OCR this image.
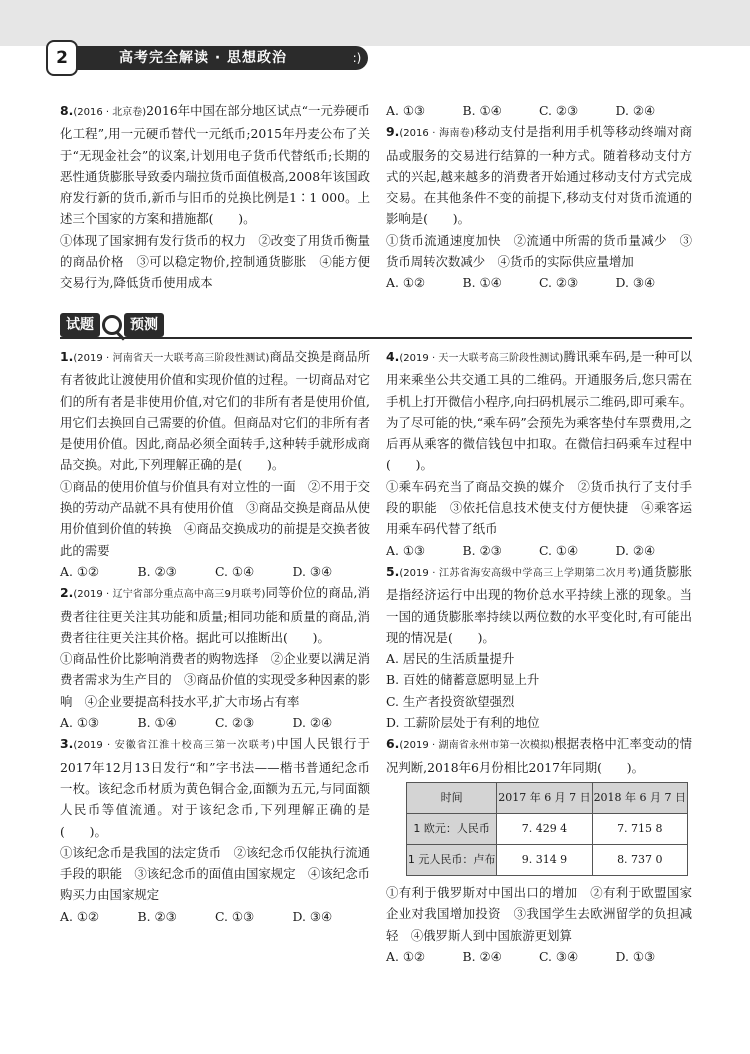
高考完全解读 · 思想政治
2	:)

8.(2016 · 北京卷)2016年中国在部分地区试点“一元券硬币化工程”,用一元硬币替代一元纸币;2015年丹麦公布了关于“无现金社会”的议案,计划用电子货币代替纸币;长期的恶性通货膨胀导致委内瑞拉货币面值极高,2008年该国政府发行新的货币,新币与旧币的兑换比例是1∶1 000。上述三个国家的方案和措施都(　　)。

①体现了国家拥有发行货币的权力　②改变了用货币衡量的商品价格　③可以稳定物价,控制通货膨胀　④能方便交易行为,降低货币使用成本

A. ①③	B. ①④	C. ②③	D. ②④

9.(2016 · 海南卷)移动支付是指利用手机等移动终端对商品或服务的交易进行结算的一种方式。随着移动支付方式的兴起,越来越多的消费者开始通过移动支付方式完成交易。在其他条件不变的前提下,移动支付对货币流通的影响是(　　)。

①货币流通速度加快　②流通中所需的货币量减少　③货币周转次数减少　④货币的实际供应量增加

A. ①②	B. ①④	C. ②③	D. ③④
试题	预测

1.(2019 · 河南省天一大联考高三阶段性测试)商品交换是商品所有者彼此让渡使用价值和实现价值的过程。一切商品对它们的所有者是非使用价值,对它们的非所有者是使用价值,用它们去换回自己需要的价值。但商品对它们的非所有者是使用价值。因此,商品必须全面转手,这种转手就形成商品交换。对此,下列理解正确的是(　　)。

①商品的使用价值与价值具有对立性的一面　②不用于交换的劳动产品就不具有使用价值　③商品交换是商品从使用价值到价值的转换　④商品交换成功的前提是交换者彼此的需要

A. ①②	B. ②③	C. ①④	D. ③④

2.(2019 · 辽宁省部分重点高中高三9月联考)同等价位的商品,消费者往往更关注其功能和质量;相同功能和质量的商品,消费者往往更关注其价格。据此可以推断出(　　)。

①商品性价比影响消费者的购物选择　②企业要以满足消费者需求为生产目的　③商品价值的实现受多种因素的影响　④企业要提高科技水平,扩大市场占有率

A. ①③	B. ①④	C. ②③	D. ②④

3.(2019 · 安徽省江淮十校高三第一次联考)中国人民银行于2017年12月13日发行“和”字书法——楷书普通纪念币一枚。该纪念币材质为黄色铜合金,面额为五元,与同面额人民币等值流通。对于该纪念币,下列理解正确的是(　　)。

①该纪念币是我国的法定货币　②该纪念币仅能执行流通手段的职能　③该纪念币的面值由国家规定　④该纪念币购买力由国家规定

A. ①②	B. ②③	C. ①③	D. ③④

4.(2019 · 天一大联考高三阶段性测试)腾讯乘车码,是一种可以用来乘坐公共交通工具的二维码。开通服务后,您只需在手机上打开微信小程序,向扫码机展示二维码,即可乘车。为了尽可能的快,“乘车码”会预先为乘客垫付车票费用,之后再从乘客的微信钱包中扣取。在微信扫码乘车过程中(　　)。

①乘车码充当了商品交换的媒介　②货币执行了支付手段的职能　③依托信息技术使支付方便快捷　④乘客运用乘车码代替了纸币

A. ①③	B. ②③	C. ①④	D. ②④

5.(2019 · 江苏省海安高级中学高三上学期第二次月考)通货膨胀是指经济运行中出现的物价总水平持续上涨的现象。当一国的通货膨胀率持续以两位数的水平变化时,有可能出现的情况是(　　)。

A. 居民的生活质量提升

B. 百姓的储蓄意愿明显上升

C. 生产者投资欲望强烈

D. 工薪阶层处于有利的地位

6.(2019 · 湖南省永州市第一次模拟)根据表格中汇率变动的情况判断,2018年6月份相比2017年同期(　　)。

时间	2017 年 6 月 7 日	2018 年 6 月 7 日
1 欧元：人民币	7. 429 4	7. 715 8
1 元人民币：卢布	9. 314 9	8. 737 0

①有利于俄罗斯对中国出口的增加　②有利于欧盟国家企业对我国增加投资　③我国学生去欧洲留学的负担减轻　④俄罗斯人到中国旅游更划算

A. ①②	B. ②④	C. ③④	D. ①③
